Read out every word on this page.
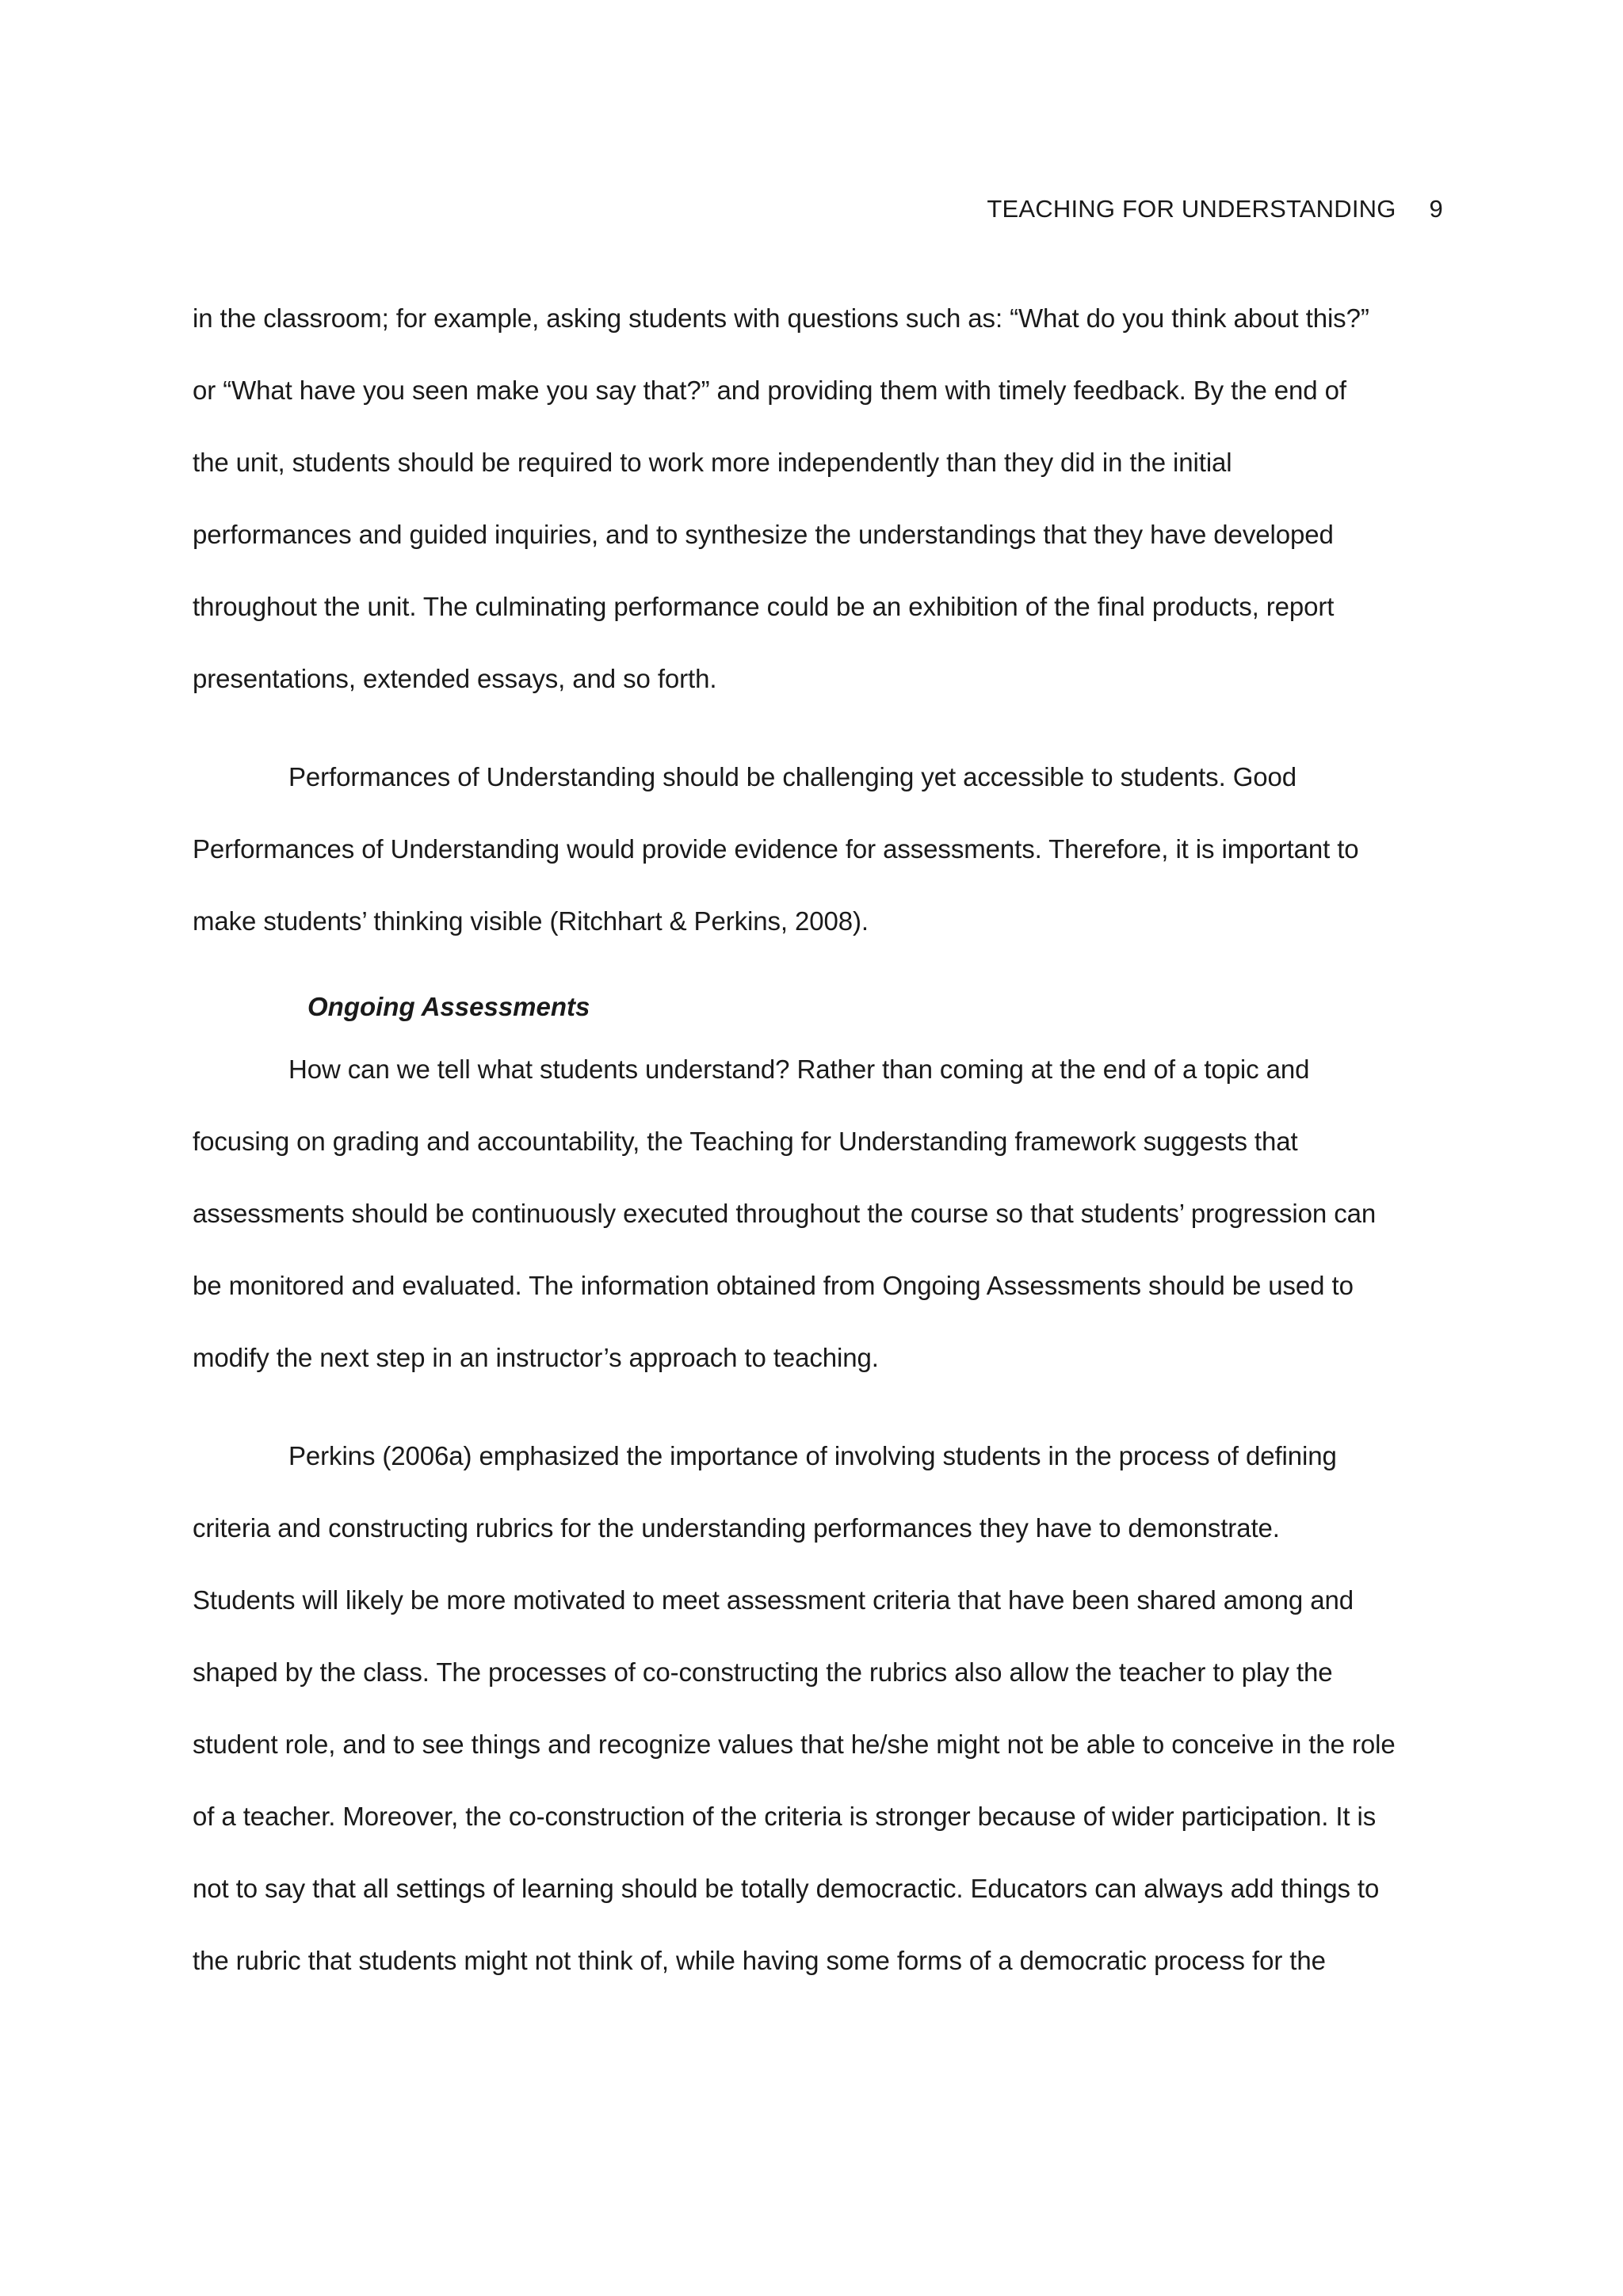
TEACHING FOR UNDERSTANDING 9
in the classroom; for example, asking students with questions such as: “What do you think about this?”
or “What have you seen make you say that?” and providing them with timely feedback. By the end of
the unit, students should be required to work more independently than they did in the initial
performances and guided inquiries, and to synthesize the understandings that they have developed
throughout the unit. The culminating performance could be an exhibition of the final products, report
presentations, extended essays, and so forth.
Performances of Understanding should be challenging yet accessible to students. Good
Performances of Understanding would provide evidence for assessments. Therefore, it is important to
make students’ thinking visible (Ritchhart & Perkins, 2008).
Ongoing Assessments
How can we tell what students understand? Rather than coming at the end of a topic and
focusing on grading and accountability, the Teaching for Understanding framework suggests that
assessments should be continuously executed throughout the course so that students’ progression can
be monitored and evaluated. The information obtained from Ongoing Assessments should be used to
modify the next step in an instructor’s approach to teaching.
Perkins (2006a) emphasized the importance of involving students in the process of defining
criteria and constructing rubrics for the understanding performances they have to demonstrate.
Students will likely be more motivated to meet assessment criteria that have been shared among and
shaped by the class. The processes of co-constructing the rubrics also allow the teacher to play the
student role, and to see things and recognize values that he/she might not be able to conceive in the role
of a teacher. Moreover, the co-construction of the criteria is stronger because of wider participation. It is
not to say that all settings of learning should be totally democractic. Educators can always add things to
the rubric that students might not think of, while having some forms of a democratic process for the
